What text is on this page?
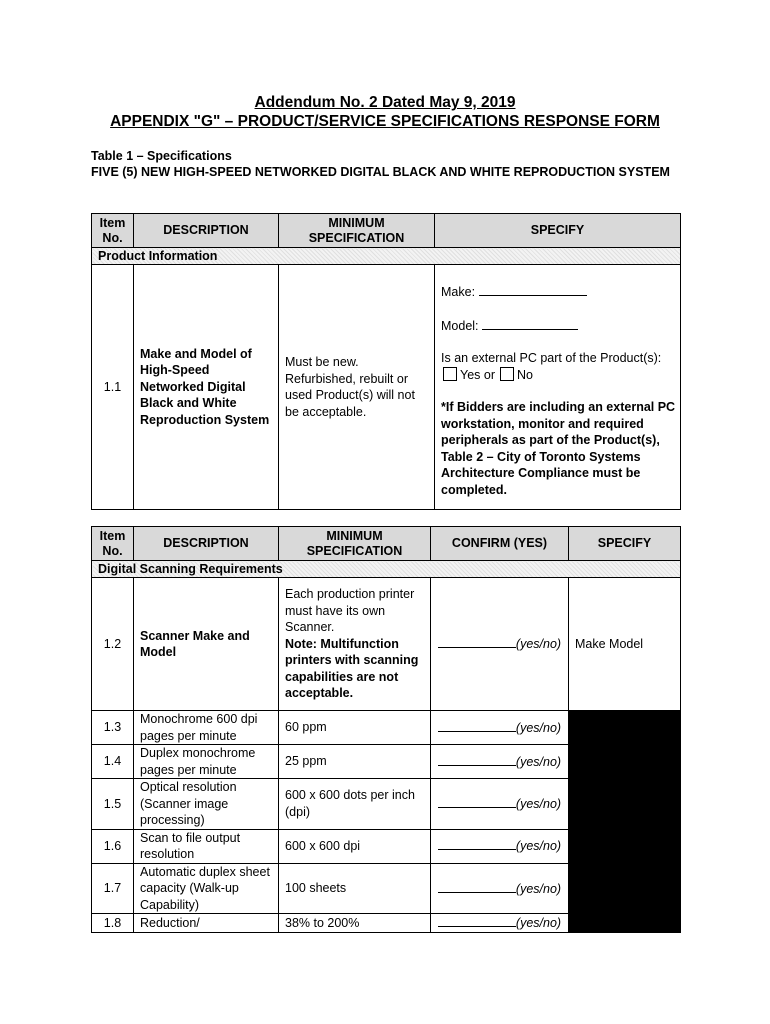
Addendum No. 2 Dated May 9, 2019
APPENDIX "G" – PRODUCT/SERVICE SPECIFICATIONS RESPONSE FORM
Table 1 – Specifications
FIVE (5) NEW HIGH-SPEED NETWORKED DIGITAL BLACK AND WHITE REPRODUCTION SYSTEM
Item No.	DESCRIPTION	MINIMUM SPECIFICATION	SPECIFY
Product Information			
1.1	Make and Model of High-Speed Networked Digital Black and White Reproduction System	Must be new. Refurbished, rebuilt or used Product(s) will not be acceptable.	Make:

Model:

Is an external PC part of the Product(s):

Yes or No

*If Bidders are including an external PC workstation, monitor and required peripherals as part of the Product(s), Table 2 – City of Toronto Systems Architecture Compliance must be completed.

Item No.	DESCRIPTION	MINIMUM SPECIFICATION	CONFIRM (YES)	SPECIFY
Digital Scanning Requirements				
1.2	Scanner Make and Model	Each production printer must have its own Scanner.
Note: Multifunction printers with scanning capabilities are not acceptable.	(yes/no)	Make Model
1.3	Monochrome 600 dpi pages per minute	60 ppm	(yes/no)	
1.4	Duplex monochrome pages per minute	25 ppm	(yes/no)	
1.5	Optical resolution (Scanner image processing)	600 x 600 dots per inch (dpi)	(yes/no)	
1.6	Scan to file output resolution	600 x 600 dpi	(yes/no)	
1.7	Automatic duplex sheet capacity (Walk-up Capability)	100 sheets	(yes/no)	
1.8	Reduction/	38% to 200%	(yes/no)	
